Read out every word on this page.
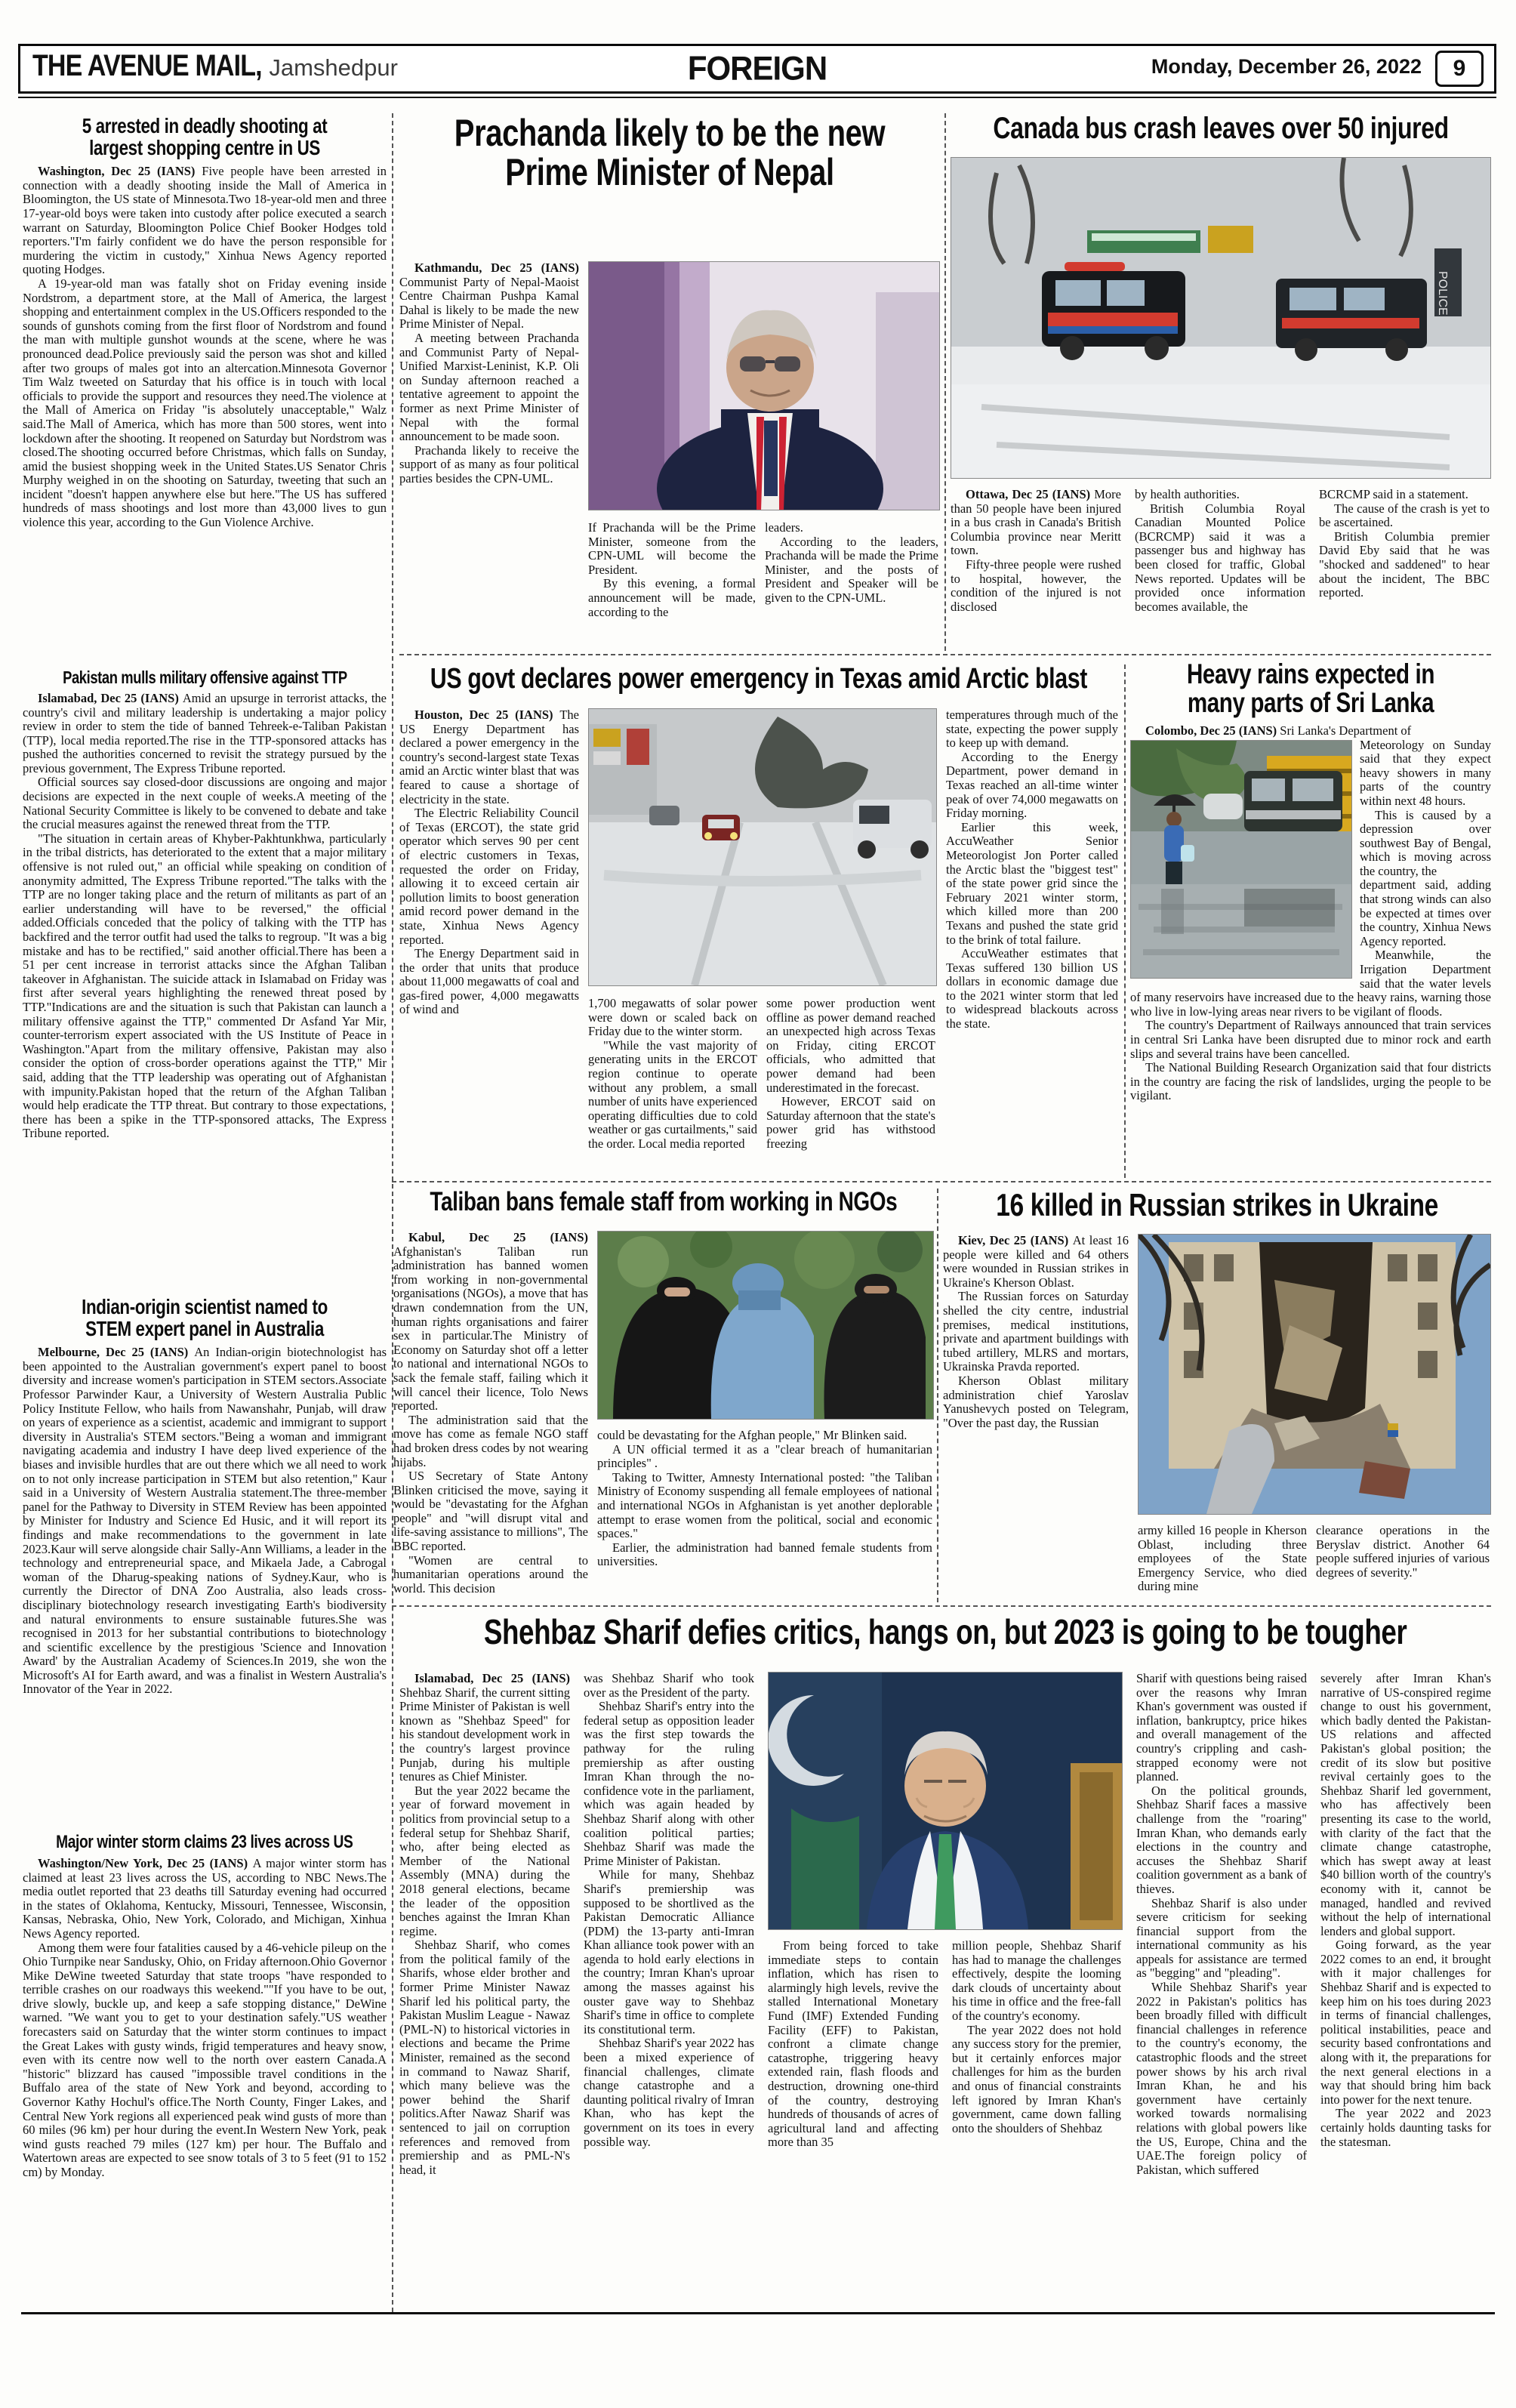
THE AVENUE MAIL, Jamshedpur	FOREIGN	Monday, December 26, 2022	9
5 arrested in deadly shooting at largest shopping centre in US

Washington, Dec 25 (IANS) Five people have been arrested in connection with a deadly shooting inside the Mall of America in Bloomington, the US state of Minnesota.Two 18-year-old men and three 17-year-old boys were taken into custody after police executed a search warrant on Saturday, Bloomington Police Chief Booker Hodges told reporters."I'm fairly confident we do have the person responsible for murdering the victim in custody," Xinhua News Agency reported quoting Hodges.

A 19-year-old man was fatally shot on Friday evening inside Nordstrom, a department store, at the Mall of America, the largest shopping and entertainment complex in the US.Officers responded to the sounds of gunshots coming from the first floor of Nordstrom and found the man with multiple gunshot wounds at the scene, where he was pronounced dead.Police previously said the person was shot and killed after two groups of males got into an altercation.Minnesota Governor Tim Walz tweeted on Saturday that his office is in touch with local officials to provide the support and resources they need.The violence at the Mall of America on Friday "is absolutely unacceptable," Walz said.The Mall of America, which has more than 500 stores, went into lockdown after the shooting. It reopened on Saturday but Nordstrom was closed.The shooting occurred before Christmas, which falls on Sunday, amid the busiest shopping week in the United States.US Senator Chris Murphy weighed in on the shooting on Saturday, tweeting that such an incident "doesn't happen anywhere else but here."The US has suffered hundreds of mass shootings and lost more than 43,000 lives to gun violence this year, according to the Gun Violence Archive.

Pakistan mulls military offensive against TTP

Islamabad, Dec 25 (IANS) Amid an upsurge in terrorist attacks, the country's civil and military leadership is undertaking a major policy review in order to stem the tide of banned Tehreek-e-Taliban Pakistan (TTP), local media reported.The rise in the TTP-sponsored attacks has pushed the authorities concerned to revisit the strategy pursued by the previous government, The Express Tribune reported.

Official sources say closed-door discussions are ongoing and major decisions are expected in the next couple of weeks.A meeting of the National Security Committee is likely to be convened to debate and take the crucial measures against the renewed threat from the TTP.

"The situation in certain areas of Khyber-Pakhtunkhwa, particularly in the tribal districts, has deteriorated to the extent that a major military offensive is not ruled out," an official while speaking on condition of anonymity admitted, The Express Tribune reported."The talks with the TTP are no longer taking place and the return of militants as part of an earlier understanding will have to be reversed," the official added.Officials conceded that the policy of talking with the TTP has backfired and the terror outfit had used the talks to regroup. "It was a big mistake and has to be rectified," said another official.There has been a 51 per cent increase in terrorist attacks since the Afghan Taliban takeover in Afghanistan. The suicide attack in Islamabad on Friday was first after several years highlighting the renewed threat posed by TTP."Indications are and the situation is such that Pakistan can launch a military offensive against the TTP," commented Dr Asfand Yar Mir, counter-terrorism expert associated with the US Institute of Peace in Washington."Apart from the military offensive, Pakistan may also consider the option of cross-border operations against the TTP," Mir said, adding that the TTP leadership was operating out of Afghanistan with impunity.Pakistan hoped that the return of the Afghan Taliban would help eradicate the TTP threat. But contrary to those expectations, there has been a spike in the TTP-sponsored attacks, The Express Tribune reported.

Indian-origin scientist named to STEM expert panel in Australia

Melbourne, Dec 25 (IANS) An Indian-origin biotechnologist has been appointed to the Australian government's expert panel to boost diversity and increase women's participation in STEM sectors.Associate Professor Parwinder Kaur, a University of Western Australia Public Policy Institute Fellow, who hails from Nawanshahr, Punjab, will draw on years of experience as a scientist, academic and immigrant to support diversity in Australia's STEM sectors."Being a woman and immigrant navigating academia and industry I have deep lived experience of the biases and invisible hurdles that are out there which we all need to work on to not only increase participation in STEM but also retention," Kaur said in a University of Western Australia statement.The three-member panel for the Pathway to Diversity in STEM Review has been appointed by Minister for Industry and Science Ed Husic, and it will report its findings and make recommendations to the government in late 2023.Kaur will serve alongside chair Sally-Ann Williams, a leader in the technology and entrepreneurial space, and Mikaela Jade, a Cabrogal woman of the Dharug-speaking nations of Sydney.Kaur, who is currently the Director of DNA Zoo Australia, also leads cross-disciplinary biotechnology research investigating Earth's biodiversity and natural environments to ensure sustainable futures.She was recognised in 2013 for her substantial contributions to biotechnology and scientific excellence by the prestigious 'Science and Innovation Award' by the Australian Academy of Sciences.In 2019, she won the Microsoft's AI for Earth award, and was a finalist in Western Australia's Innovator of the Year in 2022.

Major winter storm claims 23 lives across US

Washington/New York, Dec 25 (IANS) A major winter storm has claimed at least 23 lives across the US, according to NBC News.The media outlet reported that 23 deaths till Saturday evening had occurred in the states of Oklahoma, Kentucky, Missouri, Tennessee, Wisconsin, Kansas, Nebraska, Ohio, New York, Colorado, and Michigan, Xinhua News Agency reported.

Among them were four fatalities caused by a 46-vehicle pileup on the Ohio Turnpike near Sandusky, Ohio, on Friday afternoon.Ohio Governor Mike DeWine tweeted Saturday that state troops "have responded to terrible crashes on our roadways this weekend.""If you have to be out, drive slowly, buckle up, and keep a safe stopping distance," DeWine warned. "We want you to get to your destination safely."US weather forecasters said on Saturday that the winter storm continues to impact the Great Lakes with gusty winds, frigid temperatures and heavy snow, even with its centre now well to the north over eastern Canada.A "historic" blizzard has caused "impossible travel conditions in the Buffalo area of the state of New York and beyond, according to Governor Kathy Hochul's office.The North County, Finger Lakes, and Central New York regions all experienced peak wind gusts of more than 60 miles (96 km) per hour during the event.In Western New York, peak wind gusts reached 79 miles (127 km) per hour. The Buffalo and Watertown areas are expected to see snow totals of 3 to 5 feet (91 to 152 cm) by Monday.

Prachanda likely to be the new Prime Minister of Nepal

Kathmandu, Dec 25 (IANS)Communist Party of Nepal-Maoist Centre Chairman Pushpa Kamal Dahal is likely to be made the new Prime Minister of Nepal.

A meeting between Prachanda and Communist Party of Nepal-Unified Marxist-Leninist, K.P. Oli on Sunday afternoon reached a tentative agreement to appoint the former as next Prime Minister of Nepal with the formal announcement to be made soon.

Prachanda likely to receive the support of as many as four political parties besides the CPN-UML.

If Prachanda will be the Prime Minister, someone from the CPN-UML will become the President.

By this evening, a formal announcement will be made, according to the

leaders.

According to the leaders, Prachanda will be made the Prime Minister, and the posts of President and Speaker will be given to the CPN-UML.

Canada bus crash leaves over 50 injured
POLICE

Ottawa, Dec 25 (IANS) More than 50 people have been injured in a bus crash in Canada's British Columbia province near Meritt town.

Fifty-three people were rushed to hospital, however, the condition of the injured is not disclosed

by health authorities.

British Columbia Royal Canadian Mounted Police (BCRCMP) said it was a passenger bus and highway has been closed for traffic, Global News reported. Updates will be provided once information becomes available, the

BCRCMP said in a statement.

The cause of the crash is yet to be ascertained.

British Columbia premier David Eby said that he was "shocked and saddened" to hear about the incident, The BBC reported.

US govt declares power emergency in Texas amid Arctic blast

Houston, Dec 25 (IANS) The US Energy Department has declared a power emergency in the country's second-largest state Texas amid an Arctic winter blast that was feared to cause a shortage of electricity in the state.

The Electric Reliability Council of Texas (ERCOT), the state grid operator which serves 90 per cent of electric customers in Texas, requested the order on Friday, allowing it to exceed certain air pollution limits to boost generation amid record power demand in the state, Xinhua News Agency reported.

The Energy Department said in the order that units that produce about 11,000 megawatts of coal and gas-fired power, 4,000 megawatts of wind and	1,700 megawatts of solar power were down or scaled back on Friday due to the winter storm.

"While the vast majority of generating units in the ERCOT region continue to operate without any problem, a small number of units have experienced operating difficulties due to cold weather or gas curtailments," said the order. Local media reported

some power production went offline as power demand reached an unexpected high across Texas on Friday, citing ERCOT officials, who admitted that power demand had been underestimated in the forecast.

However, ERCOT said on Saturday afternoon that the state's power grid has withstood freezing

temperatures through much of the state, expecting the power supply to keep up with demand.

According to the Energy Department, power demand in Texas reached an all-time winter peak of over 74,000 megawatts on Friday morning.

Earlier this week, AccuWeather Senior Meteorologist Jon Porter called the Arctic blast the "biggest test" of the state power grid since the February 2021 winter storm, which killed more than 200 Texans and pushed the state grid to the brink of total failure.

AccuWeather estimates that Texas suffered 130 billion US dollars in economic damage due to the 2021 winter storm that led to widespread blackouts across the state.

Heavy rains expected in many parts of Sri Lanka

Colombo, Dec 25 (IANS) Sri Lanka's Department of

Meteorology on Sunday said that they expect heavy showers in many parts of the country within next 48 hours.

This is caused by a depression over southwest Bay of Bengal, which is moving across the country, the

department said, adding that strong winds can also be expected at times over the country, Xinhua News Agency reported.

Meanwhile, the Irrigation Department said that the water levels of many reservoirs have increased due to the heavy rains, warning those who live in low-lying areas near rivers to be vigilant of floods.

The country's Department of Railways announced that train services in central Sri Lanka have been disrupted due to minor rock and earth slips and several trains have been cancelled.

The National Building Research Organization said that four districts in the country are facing the risk of landslides, urging the people to be vigilant.

Taliban bans female staff from working in NGOs

Kabul, Dec 25 (IANS)Afghanistan's Taliban run administration has banned women from working in non-governmental organisations (NGOs), a move that has drawn condemnation from the UN, human rights organisations and fairer sex in particular.The Ministry of Economy on Saturday shot off a letter to national and international NGOs to sack the female staff, failing which it will cancel their licence, Tolo News reported.

The administration said that the move has come as female NGO staff had broken dress codes by not wearing hijabs.

US Secretary of State Antony Blinken criticised the move, saying it would be "devastating for the Afghan people" and "will disrupt vital and life-saving assistance to millions", The BBC reported.

"Women are central to humanitarian operations around the world. This decision

could be devastating for the Afghan people," Mr Blinken said.

A UN official termed it as a "clear breach of humanitarian principles" .

Taking to Twitter, Amnesty International posted: "the Taliban Ministry of Economy suspending all female employees of national and international NGOs in Afghanistan is yet another deplorable attempt to erase women from the political, social and economic spaces."

Earlier, the administration had banned female students from universities.

16 killed in Russian strikes in Ukraine

Kiev, Dec 25 (IANS) At least 16 people were killed and 64 others were wounded in Russian strikes in Ukraine's Kherson Oblast.

The Russian forces on Saturday shelled the city centre, industrial premises, medical institutions, private and apartment buildings with tubed artillery, MLRS and mortars, Ukrainska Pravda reported.

Kherson Oblast military administration chief Yaroslav Yanushevych posted on Telegram, "Over the past day, the Russian

army killed 16 people in Kherson Oblast, including three employees of the State Emergency Service, who died during mine

clearance operations in the Beryslav district. Another 64 people suffered injuries of various degrees of severity."

Shehbaz Sharif defies critics, hangs on, but 2023 is going to be tougher

Islamabad, Dec 25 (IANS)Shehbaz Sharif, the current sitting Prime Minister of Pakistan is well known as "Shehbaz Speed" for his standout development work in the country's largest province Punjab, during his multiple tenures as Chief Minister.

But the year 2022 became the year of forward movement in politics from provincial setup to a federal setup for Shehbaz Sharif, who, after being elected as Member of the National Assembly (MNA) during the 2018 general elections, became the leader of the opposition benches against the Imran Khan regime.

Shehbaz Sharif, who comes from the political family of the Sharifs, whose elder brother and former Prime Minister Nawaz Sharif led his political party, the Pakistan Muslim League - Nawaz (PML-N) to historical victories in elections and became the Prime Minister, remained as the second in command to Nawaz Sharif, which many believe was the power behind the Sharif politics.After Nawaz Sharif was sentenced to jail on corruption references and removed from premiership and as PML-N's head, it

was Shehbaz Sharif who took over as the President of the party.

Shehbaz Sharif's entry into the federal setup as opposition leader was the first step towards the pathway for the ruling premiership as after ousting Imran Khan through the no-confidence vote in the parliament, which was again headed by Shehbaz Sharif along with other coalition political parties; Shehbaz Sharif was made the Prime Minister of Pakistan.

While for many, Shehbaz Sharif's premiership was supposed to be shortlived as the Pakistan Democratic Alliance (PDM) the 13-party anti-Imran Khan alliance took power with an agenda to hold early elections in the country; Imran Khan's uproar among the masses against his ouster gave way to Shehbaz Sharif's time in office to complete its constitutional term.

Shehbaz Sharif's year 2022 has been a mixed experience of financial challenges, climate change catastrophe and a daunting political rivalry of Imran Khan, who has kept the government on its toes in every possible way.

From being forced to take immediate steps to contain inflation, which has risen to alarmingly high levels, revive the stalled International Monetary Fund (IMF) Extended Funding Facility (EFF) to Pakistan, confront a climate change catastrophe, triggering heavy extended rain, flash floods and destruction, drowning one-third of the country, destroying hundreds of thousands of acres of agricultural land and affecting more than 35

million people, Shehbaz Sharif has had to manage the challenges effectively, despite the looming dark clouds of uncertainty about his time in office and the free-fall of the country's economy.

The year 2022 does not hold any success story for the premier, but it certainly enforces major challenges for him as the burden and onus of financial constraints left ignored by Imran Khan's government, came down falling onto the shoulders of Shehbaz

Sharif with questions being raised over the reasons why Imran Khan's government was ousted if inflation, bankruptcy, price hikes and overall management of the country's crippling and cash-strapped economy were not planned.

On the political grounds, Shehbaz Sharif faces a massive challenge from the "roaring" Imran Khan, who demands early elections in the country and accuses the Shehbaz Sharif coalition government as a bank of thieves.

Shehbaz Sharif is also under severe criticism for seeking financial support from the international community as his appeals for assistance are termed as "begging" and "pleading".

While Shehbaz Sharif's year 2022 in Pakistan's politics has been broadly filled with difficult financial challenges in reference to the country's economy, the catastrophic floods and the street power shows by his arch rival Imran Khan, he and his government have certainly worked towards normalising relations with global powers like the US, Europe, China and the UAE.The foreign policy of Pakistan, which suffered

severely after Imran Khan's narrative of US-conspired regime change to oust his government, which badly dented the Pakistan-US relations and affected Pakistan's global position; the credit of its slow but positive revival certainly goes to the Shehbaz Sharif led government, who has affectively been presenting its case to the world, with clarity of the fact that the climate change catastrophe, which has swept away at least $40 billion worth of the country's economy with it, cannot be managed, handled and revived without the help of international lenders and global support.

Going forward, as the year 2022 comes to an end, it brought with it major challenges for Shehbaz Sharif and is expected to keep him on his toes during 2023 in terms of financial challenges, political instabilities, peace and security based confrontations and along with it, the preparations for the next general elections in a way that should bring him back into power for the next tenure.

The year 2022 and 2023 certainly holds daunting tasks for the statesman.
